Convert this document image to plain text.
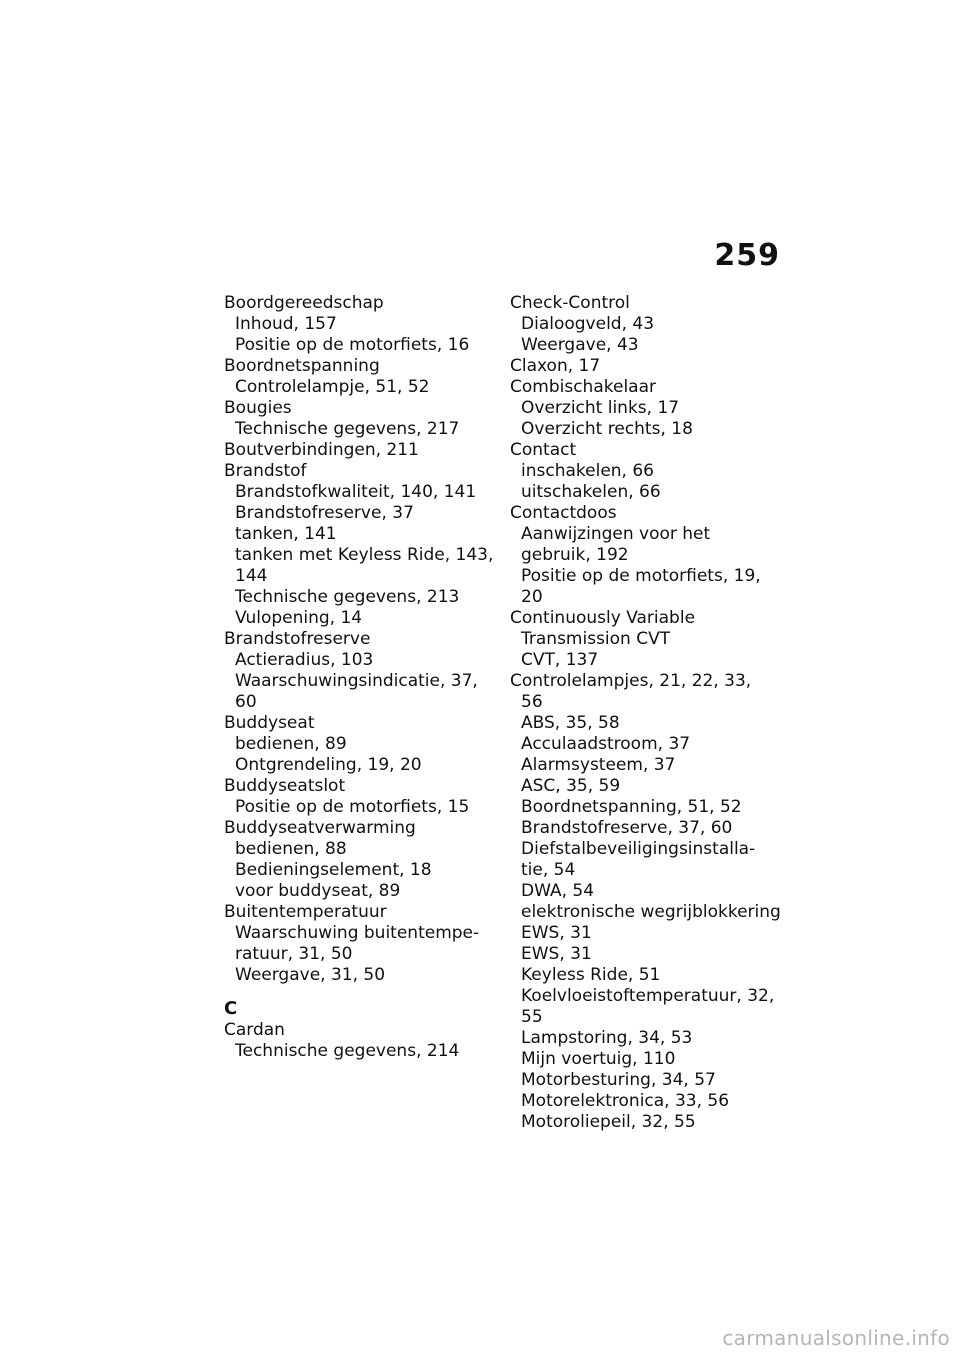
259
Boordgereedschap
Inhoud, 157
Positie op de motorfiets, 16
Boordnetspanning
Controlelampje, 51, 52
Bougies
Technische gegevens, 217
Boutverbindingen, 211
Brandstof
Brandstofkwaliteit, 140, 141
Brandstofreserve, 37
tanken, 141
tanken met Keyless Ride, 143,
144
Technische gegevens, 213
Vulopening, 14
Brandstofreserve
Actieradius, 103
Waarschuwingsindicatie, 37,
60
Buddyseat
bedienen, 89
Ontgrendeling, 19, 20
Buddyseatslot
Positie op de motorfiets, 15
Buddyseatverwarming
bedienen, 88
Bedieningselement, 18
voor buddyseat, 89
Buitentemperatuur
Waarschuwing buitentempe-
ratuur, 31, 50
Weergave, 31, 50
C
Cardan
Technische gegevens, 214
Check-Control
Dialoogveld, 43
Weergave, 43
Claxon, 17
Combischakelaar
Overzicht links, 17
Overzicht rechts, 18
Contact
inschakelen, 66
uitschakelen, 66
Contactdoos
Aanwijzingen voor het
gebruik, 192
Positie op de motorfiets, 19,
20
Continuously Variable
Transmission CVT
CVT, 137
Controlelampjes, 21, 22, 33,
56
ABS, 35, 58
Acculaadstroom, 37
Alarmsysteem, 37
ASC, 35, 59
Boordnetspanning, 51, 52
Brandstofreserve, 37, 60
Diefstalbeveiligingsinstalla-
tie, 54
DWA, 54
elektronische wegrijblokkering
EWS, 31
EWS, 31
Keyless Ride, 51
Koelvloeistoftemperatuur, 32,
55
Lampstoring, 34, 53
Mijn voertuig, 110
Motorbesturing, 34, 57
Motorelektronica, 33, 56
Motoroliepeil, 32, 55
carmanualsonline.info
